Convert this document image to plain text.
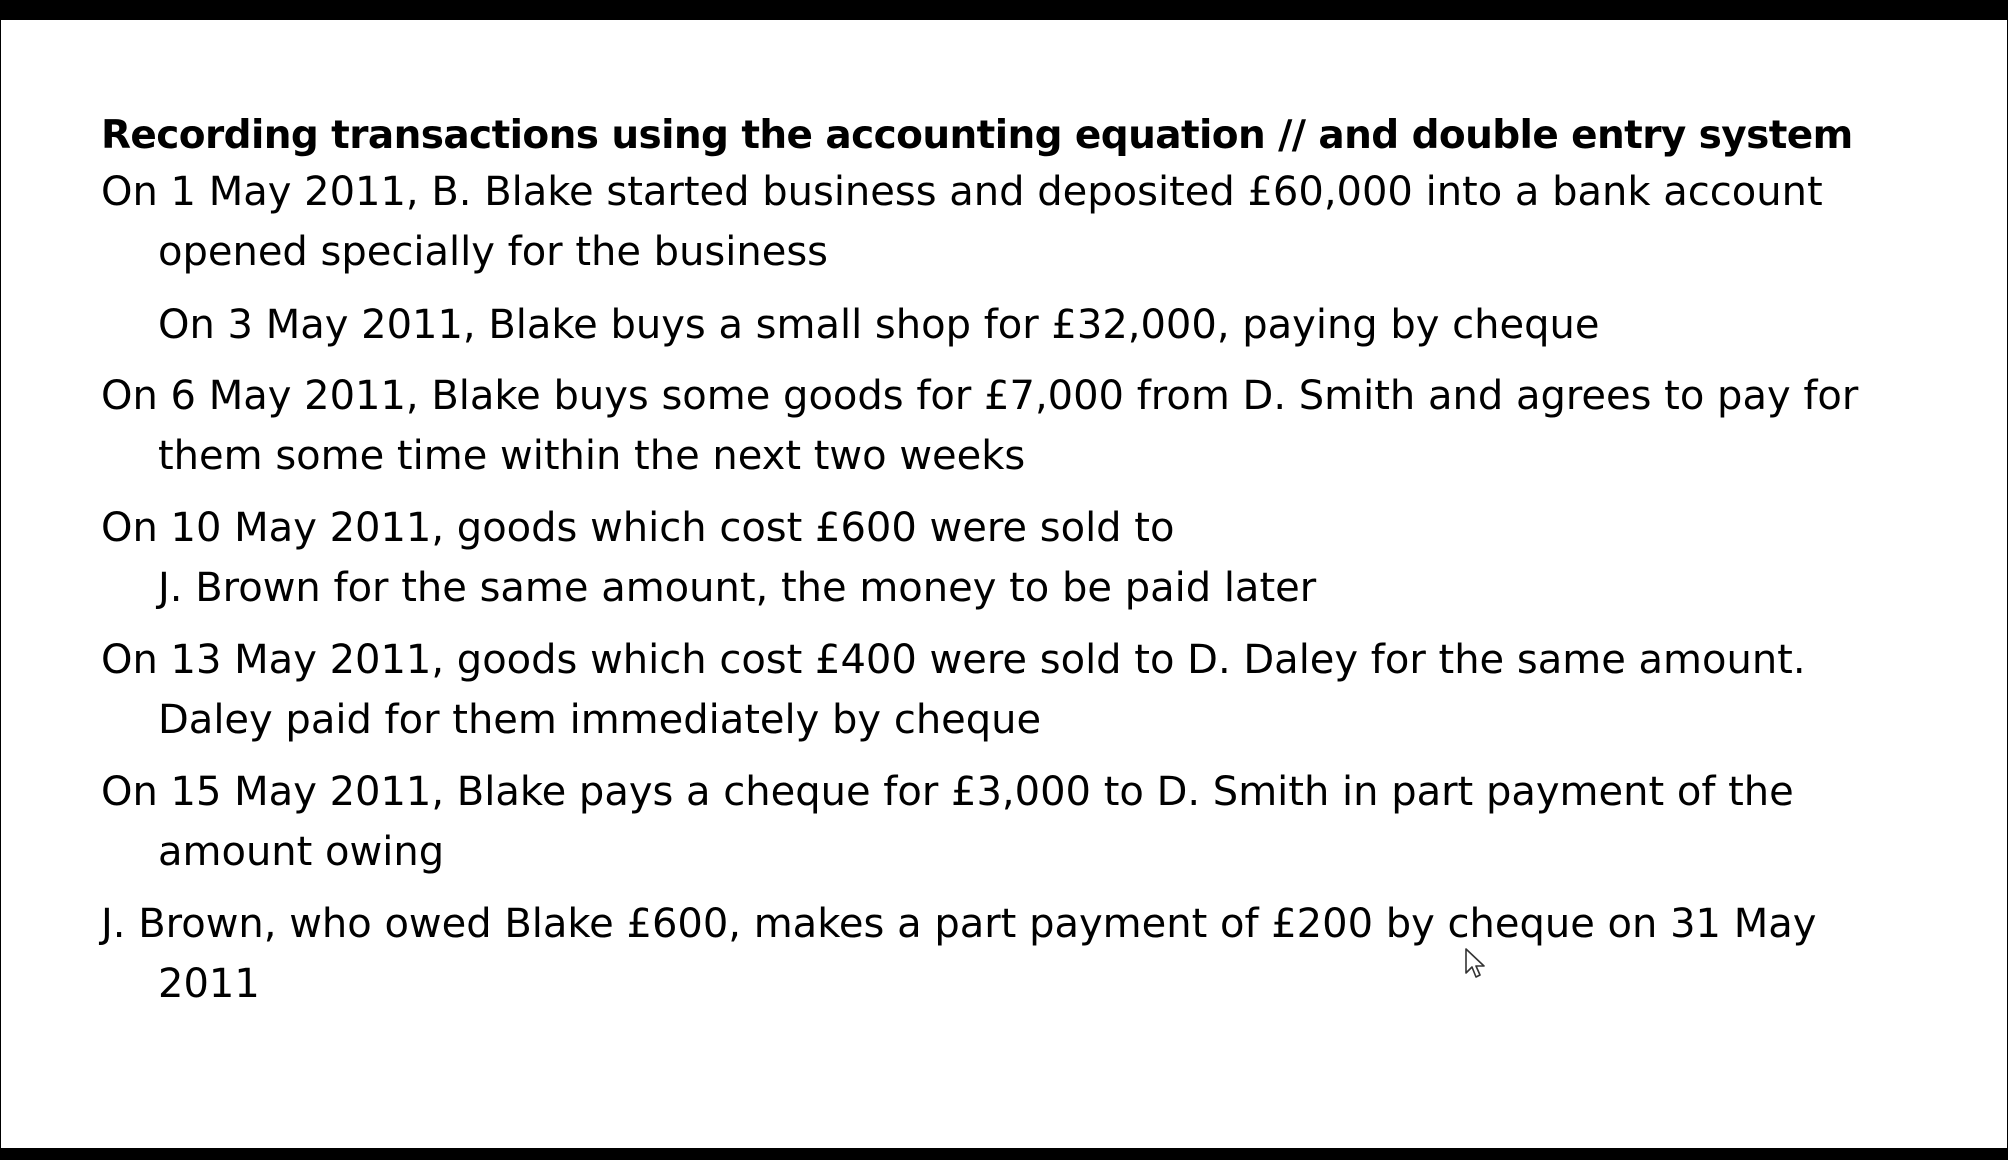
Recording transactions using the accounting equation // and double entry system
On 1 May 2011, B. Blake started business and deposited £60,000 into a bank account
opened specially for the business
On 3 May 2011, Blake buys a small shop for £32,000, paying by cheque
On 6 May 2011, Blake buys some goods for £7,000 from D. Smith and agrees to pay for
them some time within the next two weeks
On 10 May 2011, goods which cost £600 were sold to
J. Brown for the same amount, the money to be paid later
On 13 May 2011, goods which cost £400 were sold to D. Daley for the same amount.
Daley paid for them immediately by cheque
On 15 May 2011, Blake pays a cheque for £3,000 to D. Smith in part payment of the
amount owing
J. Brown, who owed Blake £600, makes a part payment of £200 by cheque on 31 May
2011
